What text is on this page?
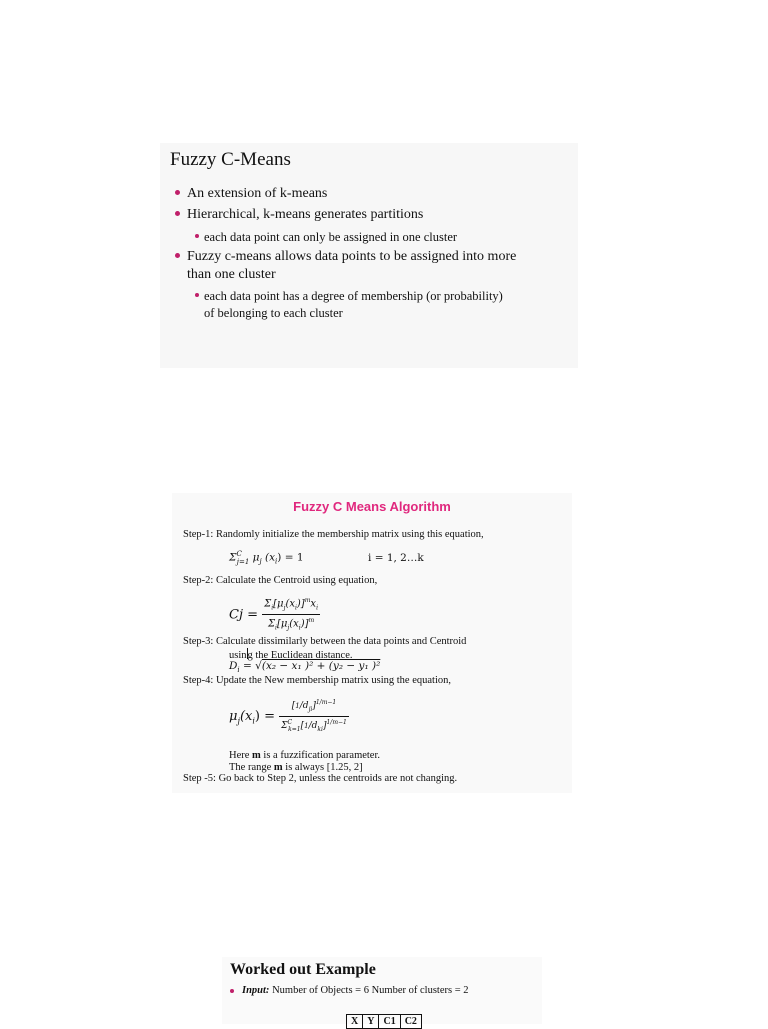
Fuzzy C-Means
An extension of k-means
Hierarchical, k-means generates partitions
each data point can only be assigned in one cluster
Fuzzy c-means allows data points to be assigned into more
than one cluster
each data point has a degree of membership (or probability)
of belonging to each cluster
Fuzzy C Means Algorithm
Step-1: Randomly initialize the membership matrix using this equation,
$\Sigma^C_{j=1}$ $\mu_j$ $(x_i) = 1$	i = 1, 2…k
Step-2: Calculate the Centroid using equation,
$Cj = \frac{\Sigma_i[\mu_j(x_i)]^mx_i}{\Sigma_i[\mu_j(x_i)]^m}$
Step-3: Calculate dissimilarly between the data points and Centroid
using the Euclidean distance.
$D_i = √(x_2 - x_1$ )² + (y₂ − y₁ )²
Step-4: Update the New membership matrix using the equation,
$\mu_j(x_i) = \frac{[1/d_{ji}]^{1/m-1}}{\Sigma^C_{k=1}[1/d_{ki}]^{1/m-1}}$
Here m is a fuzzification parameter.
The range m is always [1.25, 2]
Step -5: Go back to Step 2, unless the centroids are not changing.
Worked out Example
Input: Number of Objects = 6 Number of clusters = 2
X	Y	C1	C2
